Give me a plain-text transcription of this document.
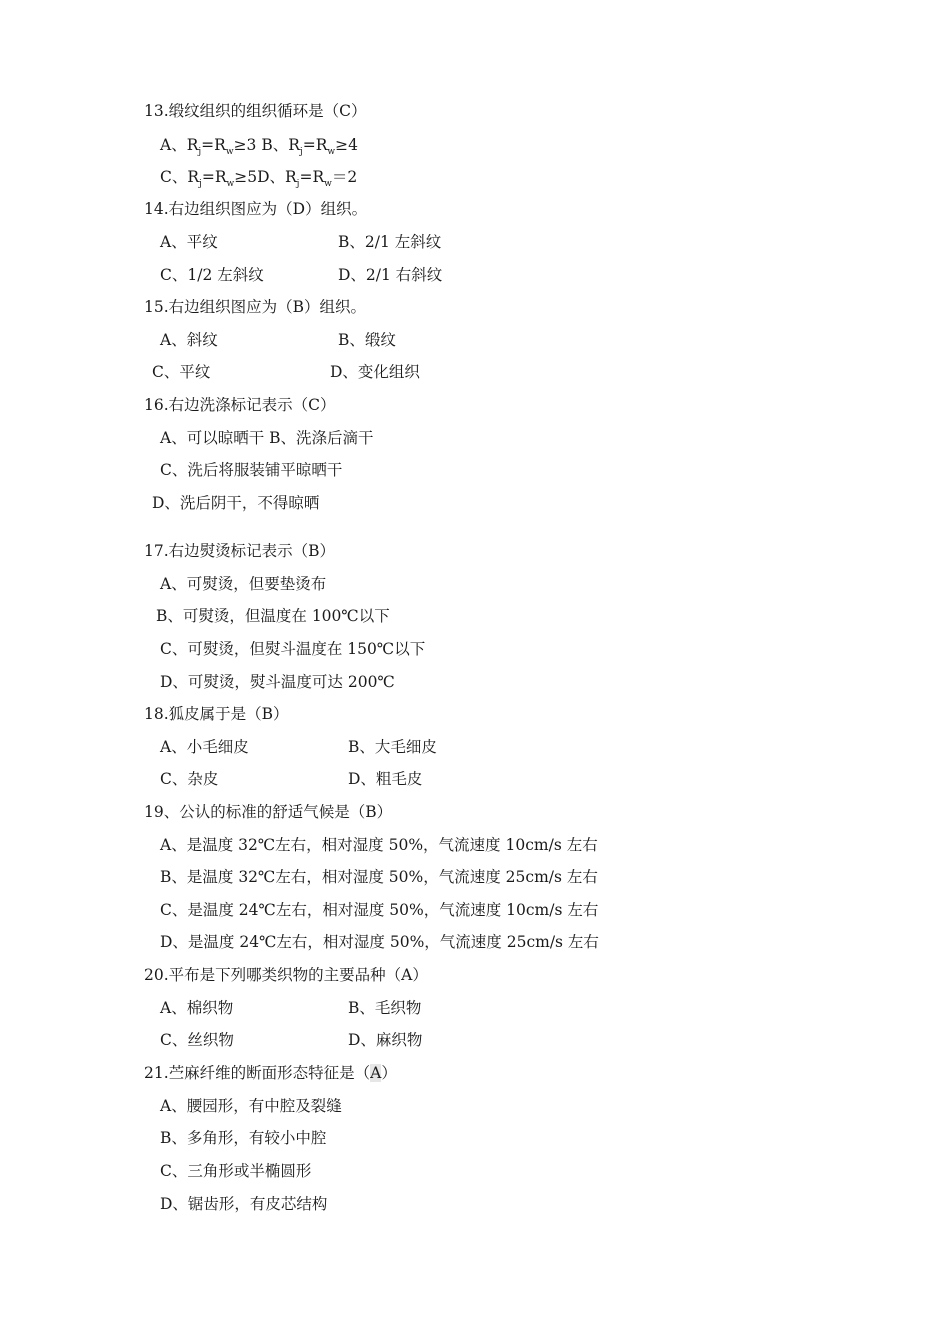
13.缎纹组织的组织循环是（C）
A、$R_j=R_w\ge 3$ B、$R_j=R_w\ge 4$
C、$R_j=R_w\ge 5D$、$R_j=R_w=2$
14.右边组织图应为（D）组织。
A、平纹	B、2/1 左斜纹
C、1/2 左斜纹	D、2/1 右斜纹
15.右边组织图应为（B）组织。
A、斜纹	B、缎纹
C、平纹	D、变化组织
16.右边洗涤标记表示（C）
A、可以晾晒干 B、洗涤后滴干
C、洗后将服装铺平晾晒干
D、洗后阴干，不得晾晒
17.右边熨烫标记表示（B）
A、可熨烫，但要垫烫布
B、可熨烫，但温度在 100℃以下
C、可熨烫，但熨斗温度在 150℃以下
D、可熨烫，熨斗温度可达 200℃
18.狐皮属于是（B）
A、小毛细皮	B、大毛细皮
C、杂皮	D、粗毛皮
19、公认的标准的舒适气候是（B）
A、是温度 32℃左右，相对湿度 50%，气流速度 10cm/s 左右
B、是温度 32℃左右，相对湿度 50%，气流速度 25cm/s 左右
C、是温度 24℃左右，相对湿度 50%，气流速度 10cm/s 左右
D、是温度 24℃左右，相对湿度 50%，气流速度 25cm/s 左右
20.平布是下列哪类织物的主要品种（A）
A、棉织物	B、毛织物
C、丝织物	D、麻织物
21.苎麻纤维的断面形态特征是（A）
A、腰园形，有中腔及裂缝
B、多角形，有较小中腔
C、三角形或半椭圆形
D、锯齿形，有皮芯结构
